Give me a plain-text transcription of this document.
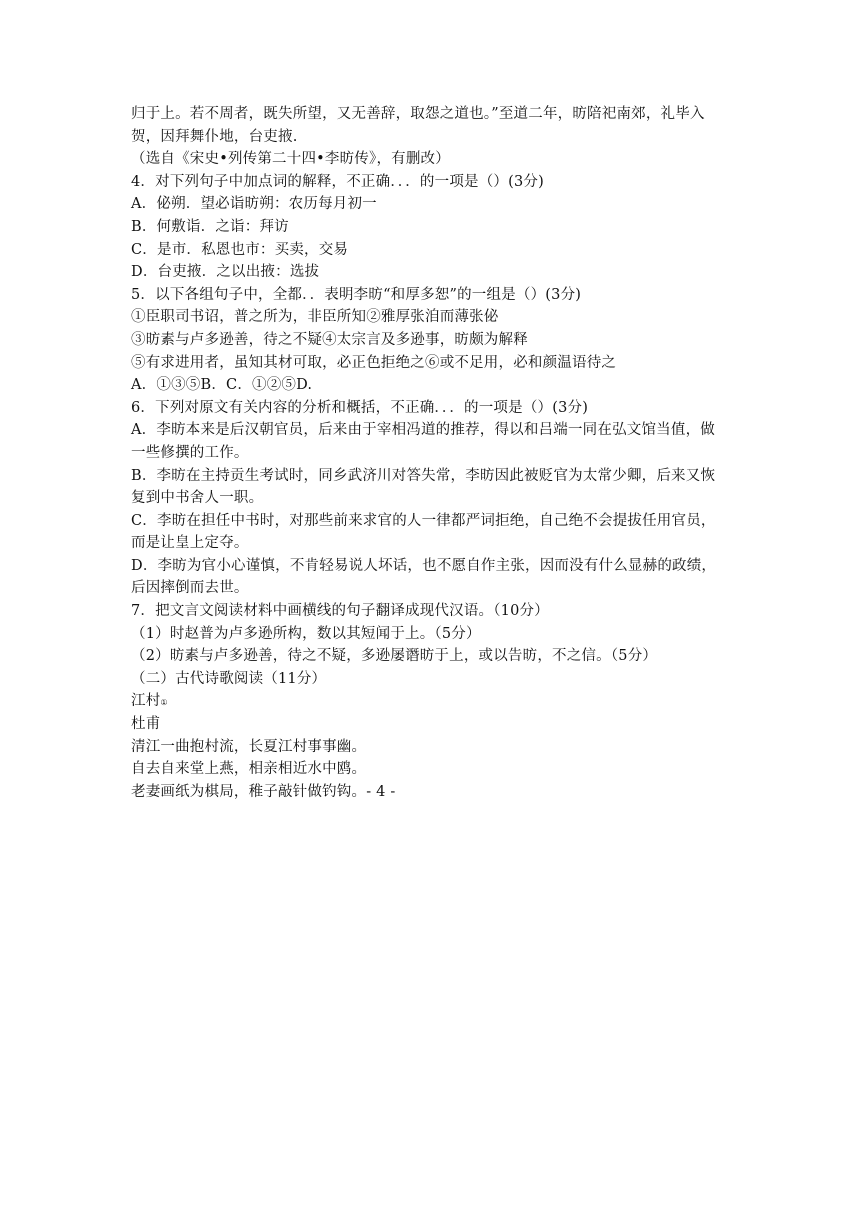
归于上。若不周者，既失所望，又无善辞，取怨之道也。”至道二年，昉陪祀南郊，礼毕入
贺，因拜舞仆地，台吏掖.
（选自《宋史•列传第二十四•李昉传》，有删改）
4．对下列句子中加点词的解释，不正确．．．的一项是（）(3分)
A．佖朔．望必诣昉朔：农历每月初一
B．何敷诣．之诣：拜访
C．是市．私恩也市：买卖，交易
D．台吏掖．之以出掖：选拔
5．以下各组句子中，全都．．表明李昉“和厚多恕”的一组是（）(3分)
①臣职司书诏，普之所为，非臣所知②雅厚张洎而薄张佖
③昉素与卢多逊善，待之不疑④太宗言及多逊事，昉颇为解释
⑤有求进用者，虽知其材可取，必正色拒绝之⑥或不足用，必和颜温语待之
A．①③⑤B．C．①②⑤D.
6．下列对原文有关内容的分析和概括，不正确．．．的一项是（）(3分)
A．李昉本来是后汉朝官员，后来由于宰相冯道的推荐，得以和吕端一同在弘文馆当值，做
一些修撰的工作。
B．李昉在主持贡生考试时，同乡武济川对答失常，李昉因此被贬官为太常少卿，后来又恢
复到中书舍人一职。
C．李昉在担任中书时，对那些前来求官的人一律都严词拒绝，自己绝不会提拔任用官员，
而是让皇上定夺。
D．李昉为官小心谨慎，不肯轻易说人坏话，也不愿自作主张，因而没有什么显赫的政绩，
后因摔倒而去世。
7．把文言文阅读材料中画横线的句子翻译成现代汉语。（10分）
（1）时赵普为卢多逊所构，数以其短闻于上。（5分）
（2）昉素与卢多逊善，待之不疑，多逊屡谮昉于上，或以告昉，不之信。（5分）
（二）古代诗歌阅读（11分）
江村①
杜甫
清江一曲抱村流，长夏江村事事幽。
自去自来堂上燕，相亲相近水中鸥。
老妻画纸为棋局，稚子敲针做钓钩。- 4 -
